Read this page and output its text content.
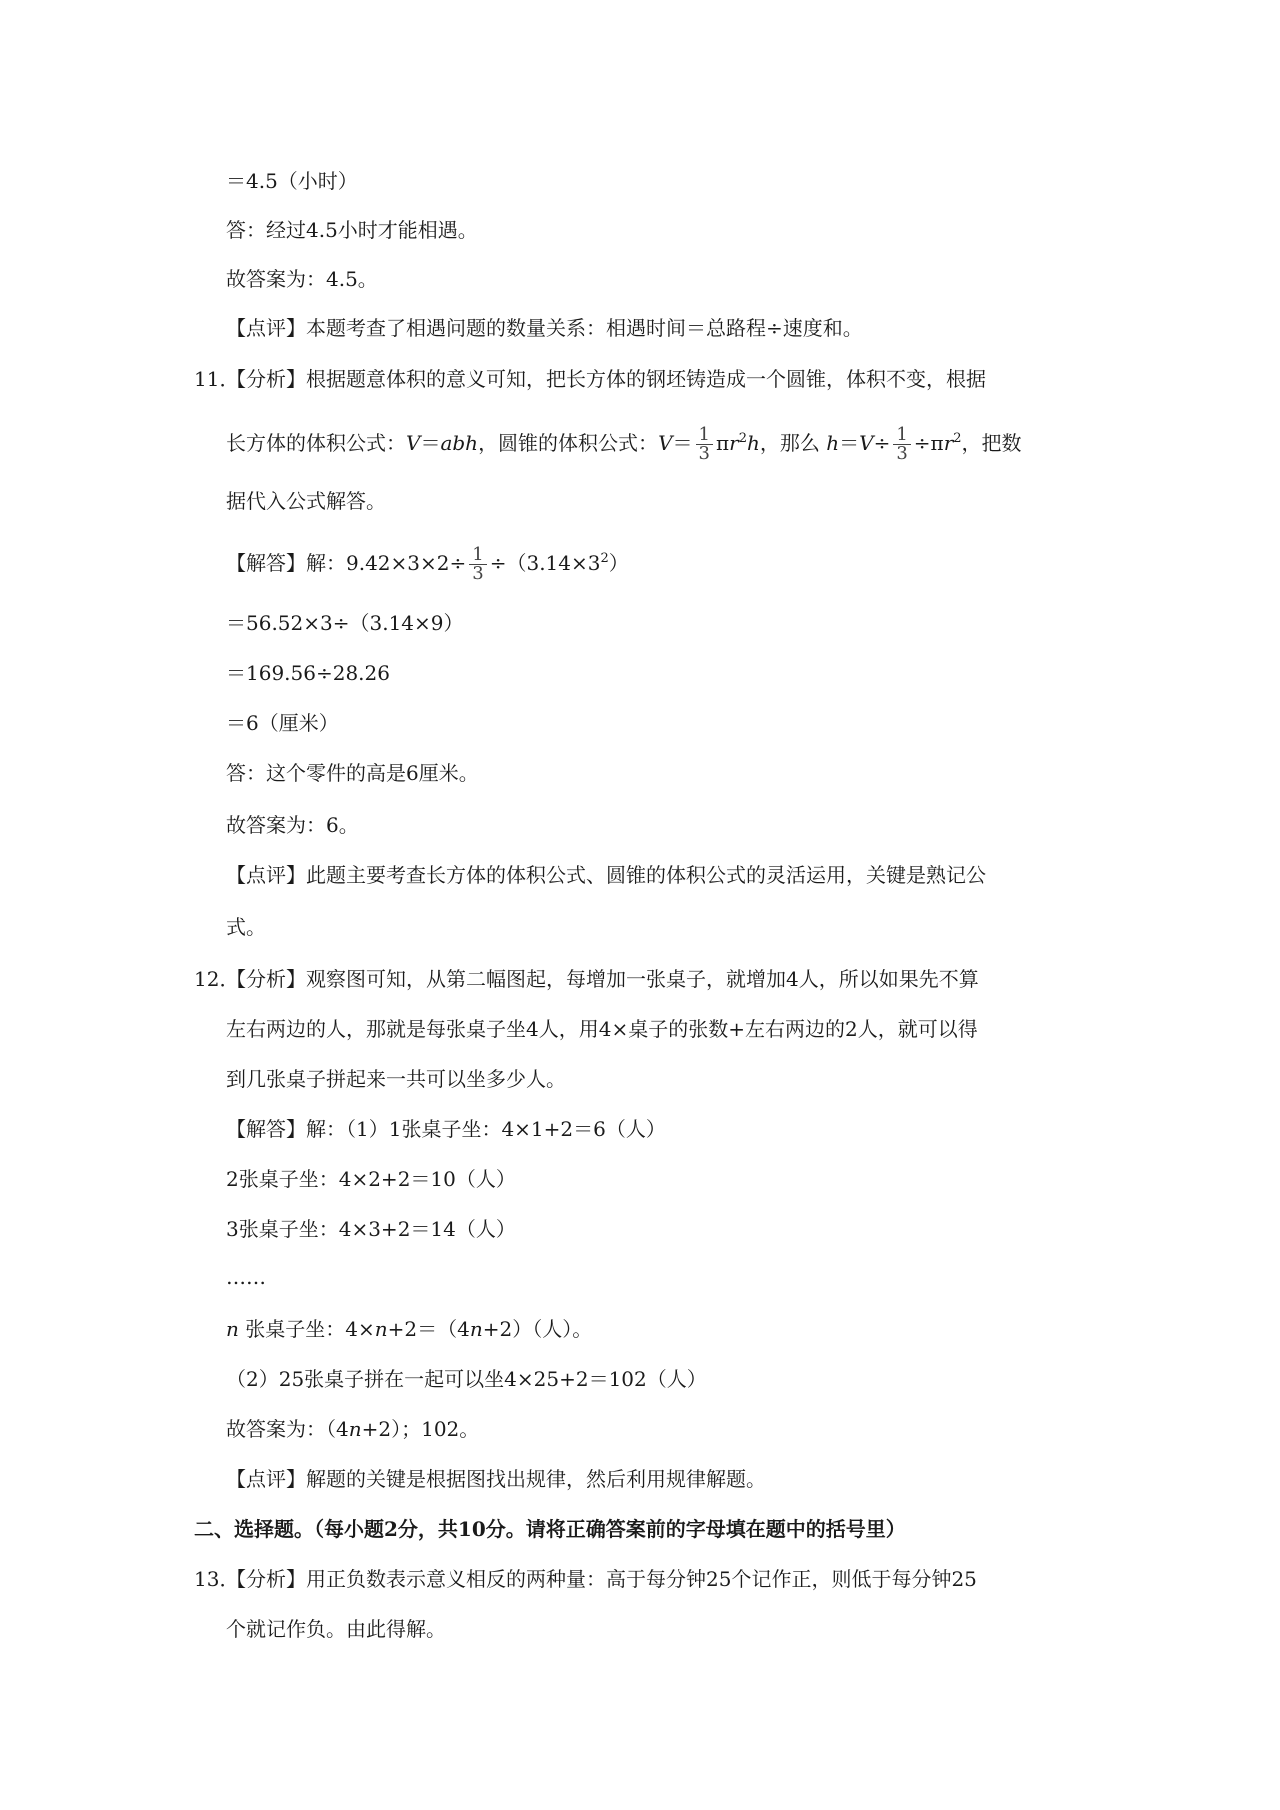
＝4.5（小时）
答：经过4.5小时才能相遇。
故答案为：4.5。
【点评】本题考查了相遇问题的数量关系：相遇时间＝总路程÷速度和。
11．
【分析】根据题意体积的意义可知，把长方体的钢坯铸造成一个圆锥，体积不变，根据
长方体的体积公式：V＝abh，圆锥的体积公式：$V= \frac{1}{3} \pi r^2h$，那么 $h=V\div \frac{1}{3} \div\pi r^2$，把数
据代入公式解答。
【解答】解：$9.42\times 3\times 2\div \frac{1}{3} \div(3.14\times 3^2)$
＝56.52×3÷（3.14×9）
＝169.56÷28.26
＝6（厘米）
答：这个零件的高是6厘米。
故答案为：6。
【点评】此题主要考查长方体的体积公式、圆锥的体积公式的灵活运用，关键是熟记公
式。
12．
【分析】观察图可知，从第二幅图起，每增加一张桌子，就增加4人，所以如果先不算
左右两边的人，那就是每张桌子坐4人，用4×桌子的张数+左右两边的2人，就可以得
到几张桌子拼起来一共可以坐多少人。
【解答】解：（1）1张桌子坐：4×1+2＝6（人）
2张桌子坐：4×2+2＝10（人）
3张桌子坐：4×3+2＝14（人）
……
n 张桌子坐：4×n+2＝（4n+2）（人）。
（2）25张桌子拼在一起可以坐4×25+2＝102（人）
故答案为：（4n+2）；102。
【点评】解题的关键是根据图找出规律，然后利用规律解题。
二、选择题。（每小题2分，共10分。请将正确答案前的字母填在题中的括号里）
13．
【分析】用正负数表示意义相反的两种量：高于每分钟25个记作正，则低于每分钟25
个就记作负。由此得解。
